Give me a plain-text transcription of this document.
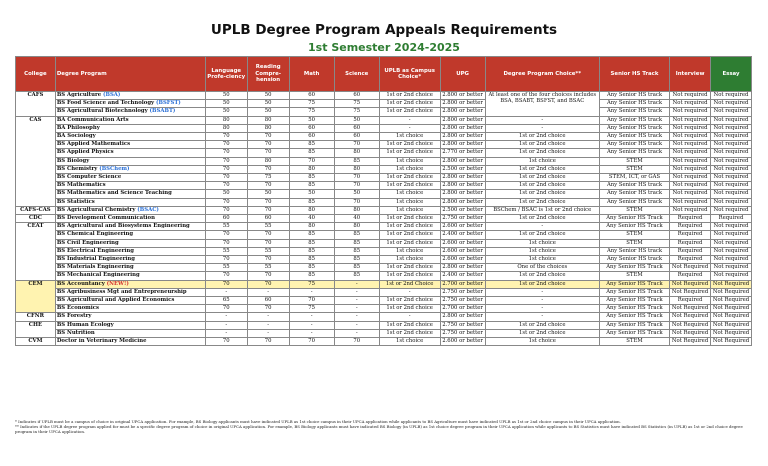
UPLB Degree Program Appeals Requirements
1st Semester 2024-2025
College	Degree Program	Language Profe-ciency	Reading Compre-hension	Math	Science	UPLB as Campus Choice*	UPG	Degree Program Choice**	Senior HS Track	Interview	Essay
CAFS	BS Agriculture (BSA)	50	50	60	60	1st or 2nd choice	2.800 or better	At least one of the four choices includes BSA, BSABT, BSFST, and BSAC	Any Senior HS track	Not required	Not required
	BS Food Science and Technology (BSFST)	50	50	75	75	1st or 2nd choice	2.800 or better		Any Senior HS track	Not required	Not required
	BS Agricultural Biotechnology (BSABT)	50	50	75	75	1st or 2nd choice	2.800 or better		Any Senior HS track	Not required	Not required
CAS	BA Communication Arts	80	80	50	50	-	2.800 or better	-	Any Senior HS track	Not required	Not required
	BA Philosophy	80	80	60	60	-	2.800 or better	-	Any Senior HS track	Not required	Not required
	BA Sociology	70	70	60	60	1st choice	2.800 or better	1st or 2nd choice	Any Senior HS track	Not required	Not required
	BS Applied Mathematics	70	70	85	70	1st or 2nd choice	2.800 or better	1st or 2nd choice	Any Senior HS track	Not required	Not required
	BS Applied Physics	70	70	85	80	1st or 2nd choice	2.770 or better	1st or 2nd choice	Any Senior HS track	Not required	Not required
	BS Biology	70	80	70	85	1st choice	2.800 or better	1st choice	STEM	Not required	Not required
	BS Chemistry (BSChem)	70	70	80	80	1st choice	2.500 or better	1st or 2nd choice	STEM	Not required	Not required
	BS Computer Science	70	75	85	70	1st or 2nd choice	2.800 or better	1st or 2nd choice	STEM, ICT, or GAS	Not required	Not required
	BS Mathematics	70	70	85	70	1st or 2nd choice	2.800 or better	1st or 2nd choice	Any Senior HS track	Not required	Not required
	BS Mathematics and Science Teaching	50	50	50	50	1st choice	2.800 or better	1st or 2nd choice	Any Senior HS track	Not required	Not required
	BS Statistics	70	70	85	70	1st choice	2.800 or better	1st or 2nd choice	Any Senior HS track	Not required	Not required
CAFS-CAS	BS Agricultural Chemistry (BSAC)	70	70	80	80	1st choice	2.500 or better	BSChem / BSAC is 1st or 2nd choice	STEM	Not required	Not required
CDC	BS Development Communication	60	60	40	40	1st or 2nd choice	2.750 or better	1st or 2nd choice	Any Senior HS Track	Required	Required
CEAT	BS Agricultural and Biosystems Engineering	55	55	80	80	1st or 2nd choice	2.600 or better	-	Any Senior HS Track	Required	Not required
	BS Chemical Engineering	70	70	85	85	1st or 2nd choice	2.400 or better	1st or 2nd choice	STEM	Required	Not required
	BS Civil Engineering	70	70	85	85	1st or 2nd choice	2.600 or better	1st choice	STEM	Required	Not required
	BS Electrical Engineering	55	55	85	85	1st choice	2.600 or better	1st choice	Any Senior HS track	Required	Not required
	BS Industrial Engineering	70	70	85	85	1st choice	2.600 or better	1st choice	Any Senior HS track	Required	Not required
	BS Materials Engineering	55	55	85	85	1st or 2nd choice	2.800 or better	One of the choices	Any Senior HS Track	Not Required	Not required
	BS Mechanical Engineering	70	70	85	85	1st or 2nd choice	2.400 or better	1st or 2nd choice	STEM	Required	Not required
CEM	BS Accountancy (NEW!)	70	70	75	-	1st or 2nd Choice	2.700 or better	1st or 2nd choice	Any Senior HS Track	Not Required	Not Required
	BS Agribusiness Mgt and Entrepreneurship	-	-	-	-	-	2.750 or better	-	Any Senior HS Track	Not Required	Not Required
	BS Agricultural and Applied Economics	65	60	70	-	1st or 2nd choice	2.750 or better	-	Any Senior HS Track	Required	Not Required
	BS Economics	70	70	75	-	1st or 2nd choice	2.700 or better	-	Any Senior HS Track	Not Required	Not Required
CFNR	BS Forestry	-	-	-	-	-	2.800 or better	-	Any Senior HS Track	Not Required	Not Required
CHE	BS Human Ecology	-	-	-	-	1st or 2nd choice	2.750 or better	1st or 2nd choice	Any Senior HS Track	Not Required	Not Required
	BS Nutrition	-	-	-	-	1st or 2nd choice	2.750 or better	1st or 2nd choice	Any Senior HS Track	Not Required	Not Required
CVM	Doctor in Veterinary Medicine	70	70	70	70	1st choice	2.600 or better	1st choice	STEM	Not Required	Not Required
* Indicates if UPLB must be a campus of choice in original UPCA application. For example, BS Biology applicants must have indicated UPLB as 1st choice campus in their UPCA application while applicants to BS Agriculture must have indicated UPLB as 1st or 2nd choice campus in their UPCA application.
** Indicates if the UPLB degree program applied for must be a specific degree program of choice in original UPCA application. For example, BS Biology applicants must have indicated BS Biology (in UPLB) as 1st choice degree program in their UPCA application while applicants to BS Statistics must have indicated BS Statistics (in UPLB) as 1st or 2nd choice degree program in their UPCA application.
